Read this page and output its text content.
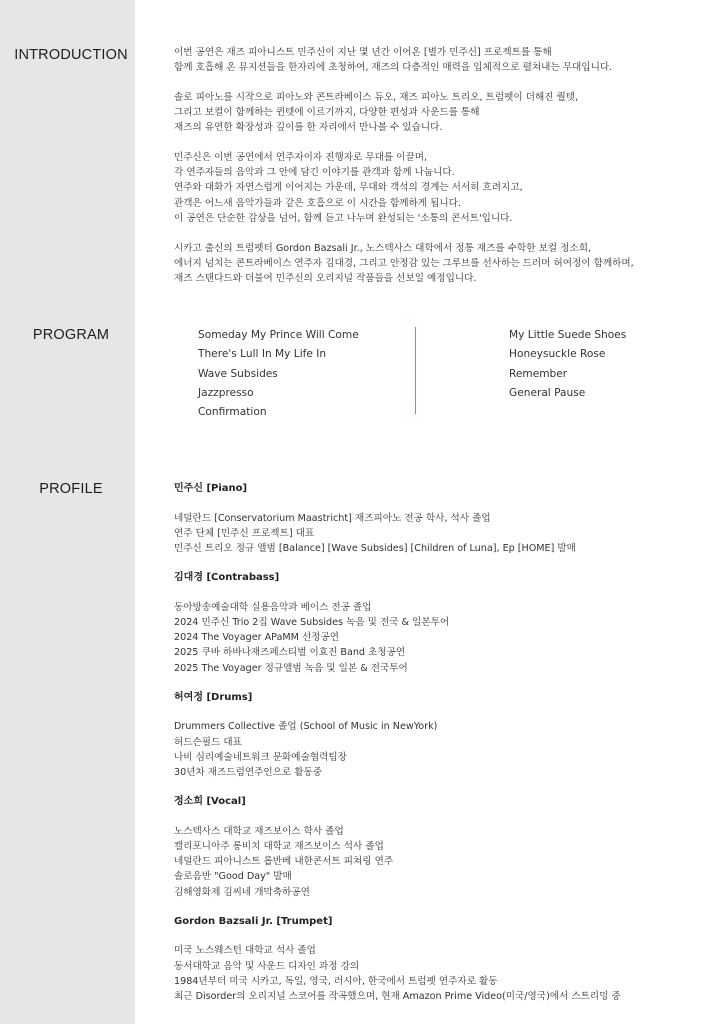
INTRODUCTION
PROGRAM
PROFILE

이번 공연은 재즈 피아니스트 민주신이 지난 몇 년간 이어온 [별가 민주신] 프로젝트를 통해
함께 호흡해 온 뮤지션들을 한자리에 초청하여, 재즈의 다층적인 매력을 입체적으로 펼쳐내는 무대입니다.

솔로 피아노를 시작으로 피아노와 콘트라베이스 듀오, 재즈 피아노 트리오, 트럼펫이 더해진 퀄텟,
그리고 보컬이 함께하는 퀸텟에 이르기까지, 다양한 편성과 사운드를 통해
재즈의 유연한 확장성과 깊이를 한 자리에서 만나볼 수 있습니다.

민주신은 이번 공연에서 연주자이자 진행자로 무대를 이끌며,
각 연주자들의 음악과 그 안에 담긴 이야기를 관객과 함께 나눕니다.
연주와 대화가 자연스럽게 이어지는 가운데, 무대와 객석의 경계는 서서히 흐려지고,
관객은 어느새 음악가들과 같은 호흡으로 이 시간을 함께하게 됩니다.
이 공연은 단순한 감상을 넘어, 함께 듣고 나누며 완성되는 '소통의 콘서트'입니다.

시카고 출신의 트럼펫터 Gordon Bazsali Jr., 노스텍사스 대학에서 정통 재즈를 수학한 보컬 정소희,
에너지 넘치는 콘트라베이스 연주자 김대경, 그리고 안정감 있는 그루브를 선사하는 드러머 허여정이 함께하며,
재즈 스탠다드와 더불어 민주신의 오리지널 작품들을 선보일 예정입니다.

Someday My Prince Will Come
There's Lull In My Life In
Wave Subsides
Jazzpresso
Confirmation
My Little Suede Shoes
Honeysuckle Rose
Remember
General Pause
민주신 [Piano]
네덜란드 [Conservatorium Maastricht] 재즈피아노 전공 학사, 석사 졸업
연주 단체 [민주신 프로젝트] 대표
민주신 트리오 정규 앨범 [Balance] [Wave Subsides] [Children of Luna], Ep [HOME] 발매
김대경 [Contrabass]
동아방송예술대학 실용음악과 베이스 전공 졸업
2024 민주신 Trio 2집 Wave Subsides 녹음 및 전국 & 일본투어
2024 The Voyager APaMM 선정공연
2025 쿠바 하바나재즈페스티벌 이효진 Band 초청공연
2025 The Voyager 정규앨범 녹음 및 일본 & 전국투어
허여정 [Drums]
Drummers Collective 졸업 (School of Music in NewYork)
허드슨필드 대표
나비 심리예술네트워크 문화예술협력팀장
30년차 재즈드럼연주인으로 활동중
정소희 [Vocal]
노스텍사스 대학교 재즈보이스 학사 졸업
캘리포니아주 롱비치 대학교 재즈보이스 석사 졸업
네덜란드 피아니스트 롭반베 내한콘서트 피쳐링 연주
솔로음반 "Good Day" 발매
김해영화제 김씨네 개막축하공연
Gordon Bazsali Jr. [Trumpet]
미국 노스웨스턴 대학교 석사 졸업
동서대학교 음악 및 사운드 디자인 과정 강의
1984년부터 미국 시카고, 독일, 영국, 러시아, 한국에서 트럼펫 연주자로 활동
최근 Disorder의 오리지널 스코어를 작곡했으며, 현재 Amazon Prime Video(미국/영국)에서 스트리밍 중
